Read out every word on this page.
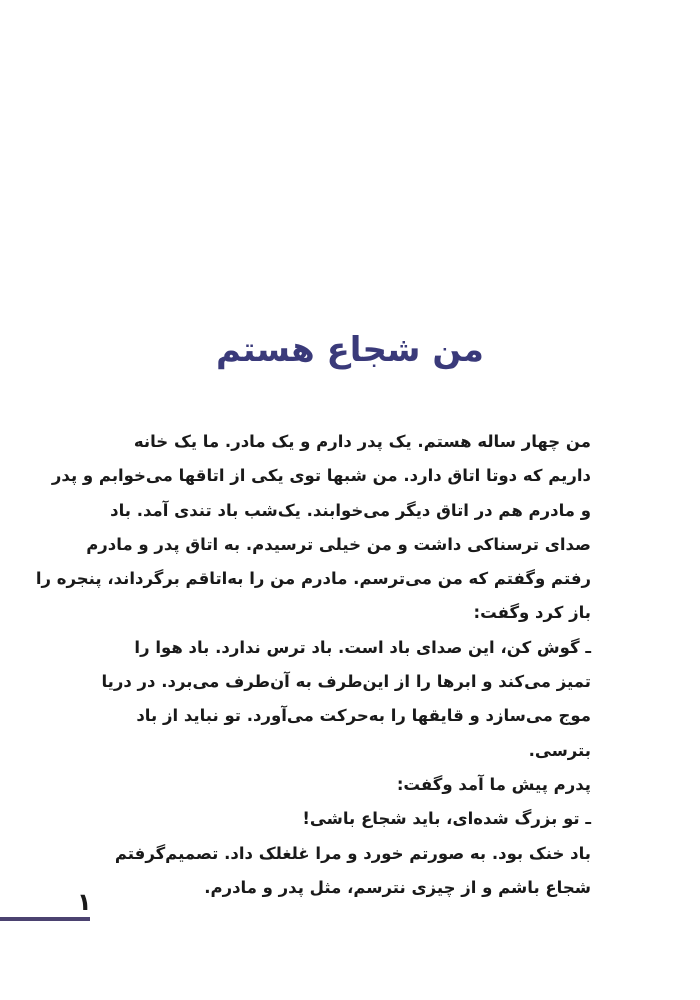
من شجاع هستم
من چهار ساله هستم. یک پدر دارم و یک مادر. ما یک خانه
داریم که دوتا اتاق دارد. من شبها توی یکی از اتاقها می‌خوابم و پدر
و مادرم هم در اتاق دیگر می‌خوابند. یک‌شب باد تندی آمد. باد
صدای ترسناکی داشت و من خیلی ترسیدم. به اتاق پدر و مادرم
رفتم وگفتم که من می‌ترسم. مادرم من را به‌اتاقم برگرداند، پنجره را
باز کرد وگفت:
ـ گوش کن، این صدای باد است. باد ترس ندارد. باد هوا را
تمیز می‌کند و ابرها را از این‌طرف به آن‌طرف می‌برد. در دریا
موج می‌سازد و قایقها را به‌حرکت می‌آورد. تو نباید از باد
بترسی.
پدرم پیش ما آمد وگفت:
ـ تو بزرگ شده‌ای، باید شجاع باشی!
باد خنک بود. به صورتم خورد و مرا غلغلک داد. تصمیم‌گرفتم
شجاع باشم و از چیزی نترسم، مثل پدر و مادرم.
۱
